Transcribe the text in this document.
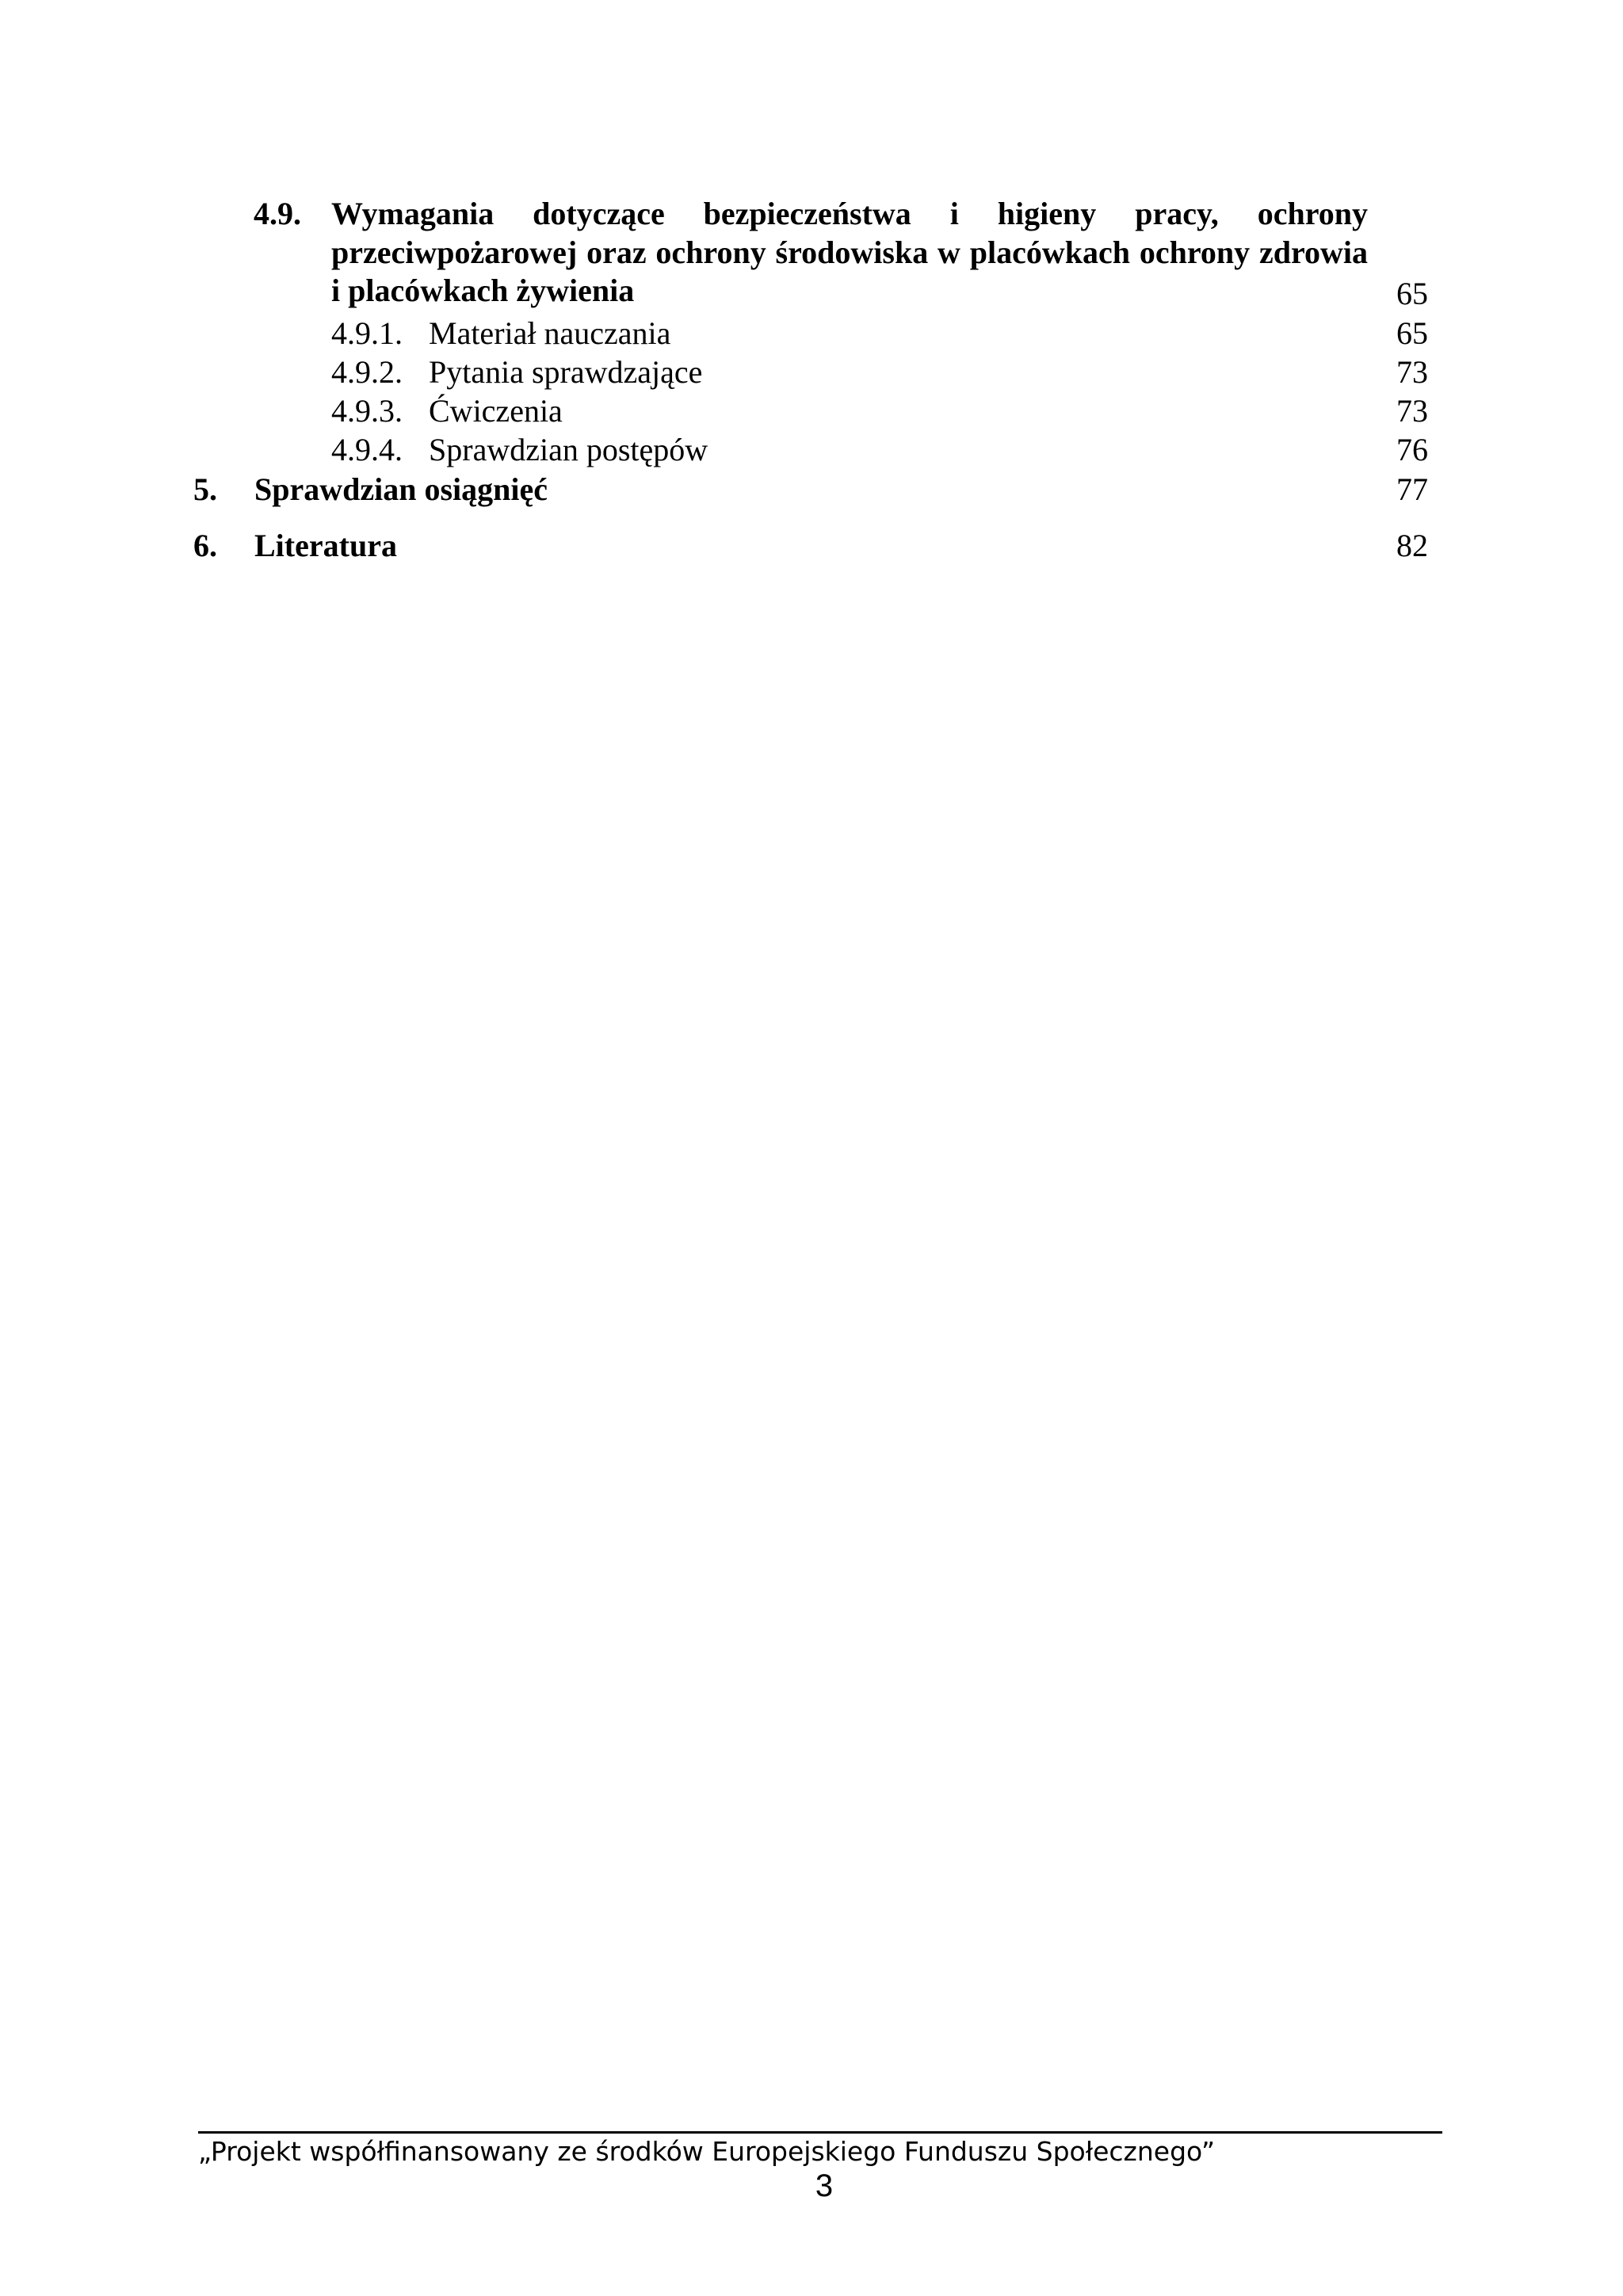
4.9. Wymagania dotyczące bezpieczeństwa i higieny pracy, ochrony przeciwpożarowej oraz ochrony środowiska w placówkach ochrony zdrowia i placówkach żywienia	65
4.9.1. Materiał nauczania	65
4.9.2. Pytania sprawdzające	73
4.9.3. Ćwiczenia	73
4.9.4. Sprawdzian postępów	76
5. Sprawdzian osiągnięć	77
6. Literatura	82
„Projekt współfinansowany ze środków Europejskiego Funduszu Społecznego”
3
